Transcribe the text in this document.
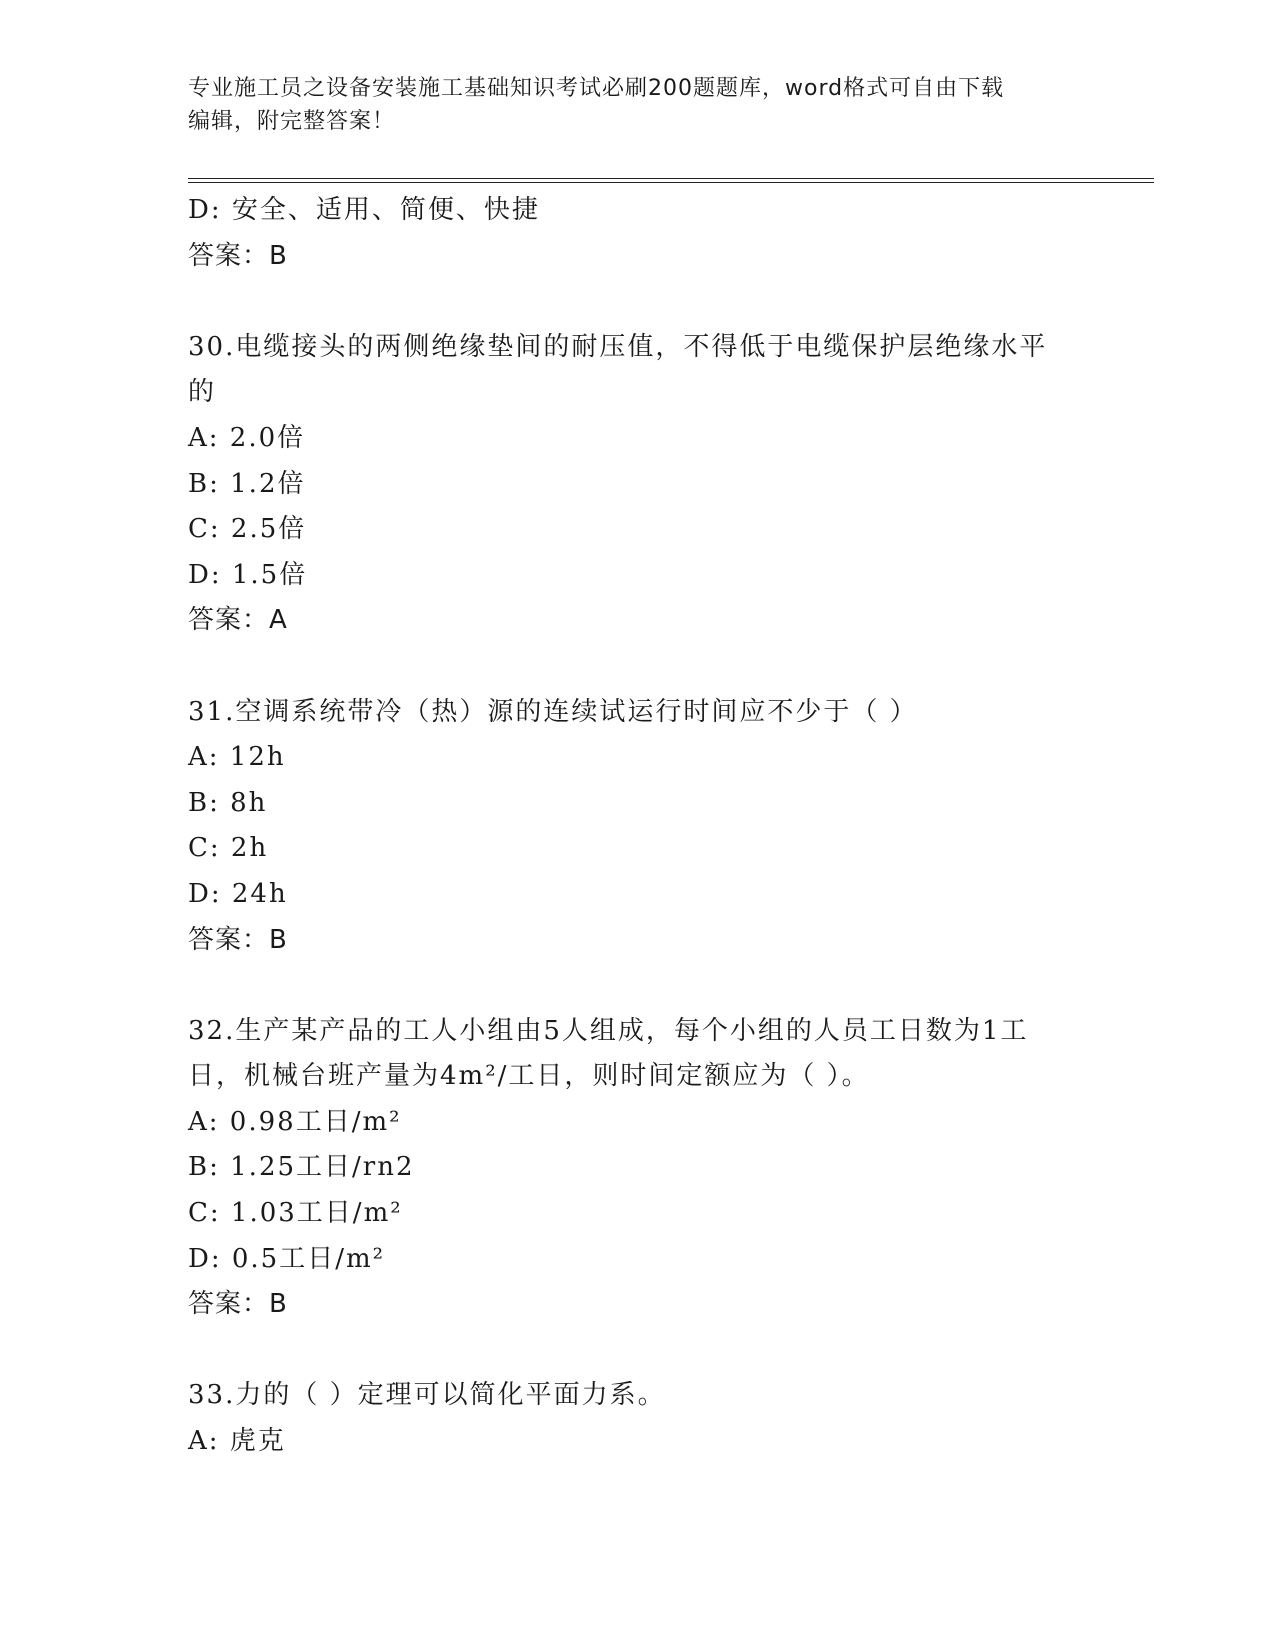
专业施工员之设备安装施工基础知识考试必刷200题题库，word格式可自由下载
编辑，附完整答案！
D: 安全、适用、简便、快捷
答案：B
30.电缆接头的两侧绝缘垫间的耐压值，不得低于电缆保护层绝缘水平
的
A: 2.0倍
B: 1.2倍
C: 2.5倍
D: 1.5倍
答案：A
31.空调系统带冷（热）源的连续试运行时间应不少于（ ）
A: 12h
B: 8h
C: 2h
D: 24h
答案：B
32.生产某产品的工人小组由5人组成，每个小组的人员工日数为1工
日，机械台班产量为4m²/工日，则时间定额应为（ ）。
A: 0.98工日/m²
B: 1.25工日/rn2
C: 1.03工日/m²
D: 0.5工日/m²
答案：B
33.力的（ ）定理可以简化平面力系。
A: 虎克
